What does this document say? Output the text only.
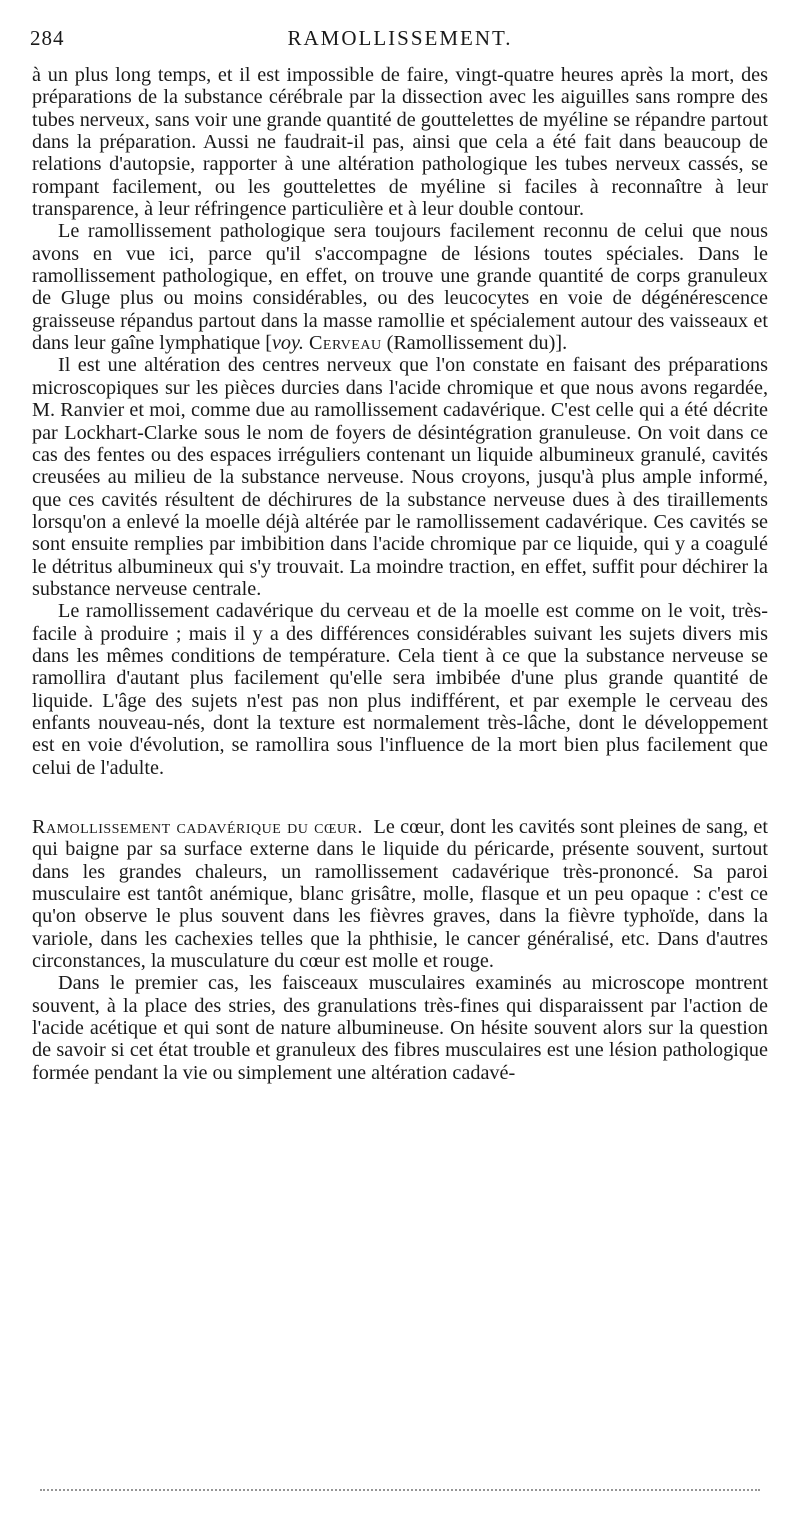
284	RAMOLLISSEMENT.

à un plus long temps, et il est impossible de faire, vingt-quatre heures après la mort, des préparations de la substance cérébrale par la dissection avec les aiguilles sans rompre des tubes nerveux, sans voir une grande quantité de gouttelettes de myéline se répandre partout dans la préparation. Aussi ne faudrait-il pas, ainsi que cela a été fait dans beaucoup de relations d'autopsie, rapporter à une altération pathologique les tubes nerveux cassés, se rompant facilement, ou les gouttelettes de myéline si faciles à reconnaître à leur transparence, à leur réfringence particulière et à leur double contour.

Le ramollissement pathologique sera toujours facilement reconnu de celui que nous avons en vue ici, parce qu'il s'accompagne de lésions toutes spéciales. Dans le ramollissement pathologique, en effet, on trouve une grande quantité de corps granuleux de Gluge plus ou moins considérables, ou des leucocytes en voie de dégénérescence graisseuse répandus partout dans la masse ramollie et spécialement autour des vaisseaux et dans leur gaîne lymphatique [voy. Cerveau (Ramollissement du)].

Il est une altération des centres nerveux que l'on constate en faisant des préparations microscopiques sur les pièces durcies dans l'acide chromique et que nous avons regardée, M. Ranvier et moi, comme due au ramollissement cadavérique. C'est celle qui a été décrite par Lockhart-Clarke sous le nom de foyers de désintégration granuleuse. On voit dans ce cas des fentes ou des espaces irréguliers contenant un liquide albumineux granulé, cavités creusées au milieu de la substance nerveuse. Nous croyons, jusqu'à plus ample informé, que ces cavités résultent de déchirures de la substance nerveuse dues à des tiraillements lorsqu'on a enlevé la moelle déjà altérée par le ramollissement cadavérique. Ces cavités se sont ensuite remplies par imbibition dans l'acide chromique par ce liquide, qui y a coagulé le détritus albumineux qui s'y trouvait. La moindre traction, en effet, suffit pour déchirer la substance nerveuse centrale.

Le ramollissement cadavérique du cerveau et de la moelle est comme on le voit, très-facile à produire ; mais il y a des différences considérables suivant les sujets divers mis dans les mêmes conditions de température. Cela tient à ce que la substance nerveuse se ramollira d'autant plus facilement qu'elle sera imbibée d'une plus grande quantité de liquide. L'âge des sujets n'est pas non plus indifférent, et par exemple le cerveau des enfants nouveau-nés, dont la texture est normalement très-lâche, dont le développement est en voie d'évolution, se ramollira sous l'influence de la mort bien plus facilement que celui de l'adulte.

Ramollissement cadavérique du cœur. Le cœur, dont les cavités sont pleines de sang, et qui baigne par sa surface externe dans le liquide du péricarde, présente souvent, surtout dans les grandes chaleurs, un ramollissement cadavérique très-prononcé. Sa paroi musculaire est tantôt anémique, blanc grisâtre, molle, flasque et un peu opaque : c'est ce qu'on observe le plus souvent dans les fièvres graves, dans la fièvre typhoïde, dans la variole, dans les cachexies telles que la phthisie, le cancer généralisé, etc. Dans d'autres circonstances, la musculature du cœur est molle et rouge.

Dans le premier cas, les faisceaux musculaires examinés au microscope montrent souvent, à la place des stries, des granulations très-fines qui disparaissent par l'action de l'acide acétique et qui sont de nature albumineuse. On hésite souvent alors sur la question de savoir si cet état trouble et granuleux des fibres musculaires est une lésion pathologique formée pendant la vie ou simplement une altération cadavé-
